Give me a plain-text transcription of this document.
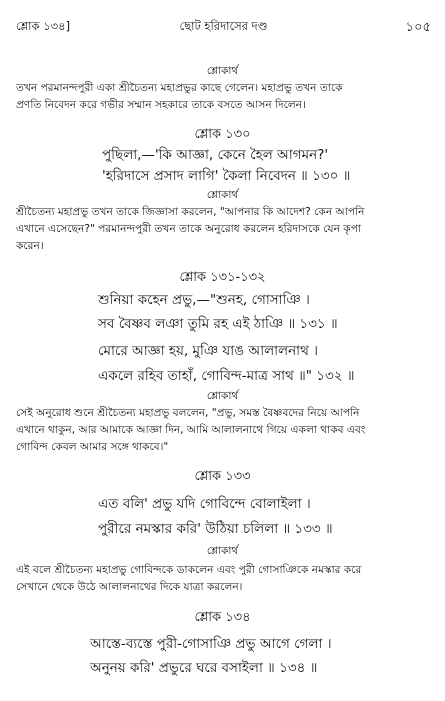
শ্লোক ১৩৪]	ছোট হরিদাসের দণ্ড	১০৫
শ্লোকার্থ
তখন পরমানন্দপুরী একা শ্রীচৈতন্য মহাপ্রভুর কাছে গেলেন। মহাপ্রভু তখন তাকে
প্রণতি নিবেদন করে গভীর সম্মান সহকারে তাকে বসতে আসন দিলেন।
শ্লোক ১৩০
পুছিলা,—'কি আজ্ঞা, কেনে হৈল আগমন?'
'হরিদাসে প্রসাদ লাগি' কৈলা নিবেদন ॥ ১৩০ ॥
শ্লোকার্থ
শ্রীচৈতন্য মহাপ্রভু তখন তাকে জিজ্ঞাসা করলেন, "আপনার কি আদেশ? কেন আপনি
এখানে এসেছেন?" পরমানন্দপুরী তখন তাকে অনুরোধ করলেন হরিদাসকে যেন কৃপা
করেন।
শ্লোক ১৩১-১৩২
শুনিয়া কহেন প্রভু,—"শুনহ, গোসাঞি ।
সব বৈষ্ণব লঞা তুমি রহ এই ঠাঞি ॥ ১৩১ ॥
মোরে আজ্ঞা হয়, মুঞি যাঙ আলালনাথ ।
একলে রহিব তাহাঁ, গোবিন্দ-মাত্র সাথ ॥" ১৩২ ॥
শ্লোকার্থ
সেই অনুরোধ শুনে শ্রীচৈতন্য মহাপ্রভু বললেন, "প্রভু, সমস্ত বৈষ্ণবদের নিয়ে আপনি
এখানে থাকুন, আর আমাকে আজ্ঞা দিন, আমি আলালনাথে গিয়ে একলা থাকব এবং
গোবিন্দ কেবল আমার সঙ্গে থাকবে।"
শ্লোক ১৩৩
এত বলি' প্রভু যদি গোবিন্দে বোলাইলা ।
পুরীরে নমস্কার করি' উঠিয়া চলিলা ॥ ১৩৩ ॥
শ্লোকার্থ
এই বলে শ্রীচৈতন্য মহাপ্রভু গোবিন্দকে ডাকলেন এবং পুরী গোসাঞিকে নমস্কার করে
সেখানে থেকে উঠে আলালনাথের দিকে যাত্রা করলেন।
শ্লোক ১৩৪
আস্তে-ব্যস্তে পুরী-গোসাঞি প্রভু আগে গেলা ।
অনুনয় করি' প্রভুরে ঘরে বসাইলা ॥ ১৩৪ ॥
